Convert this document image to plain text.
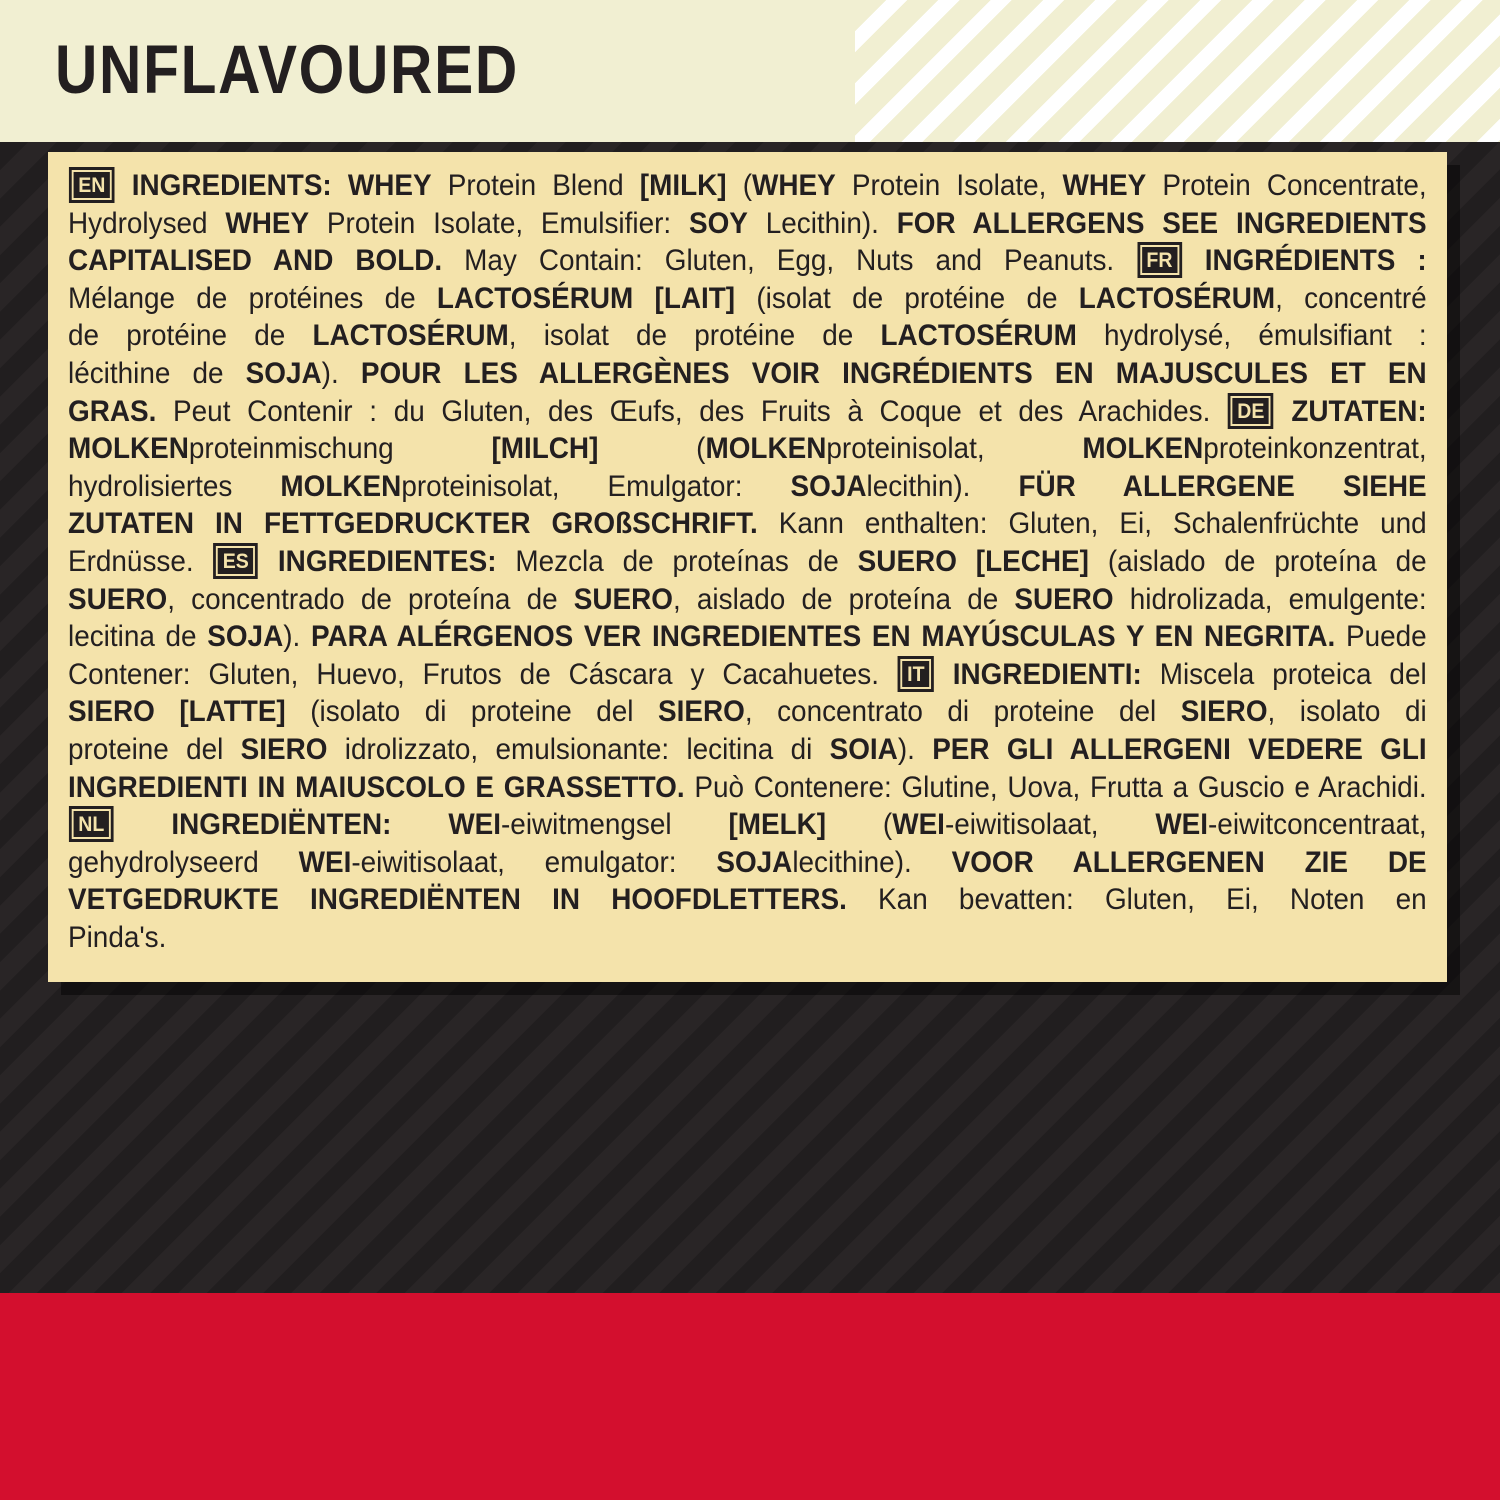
UNFLAVOURED
EN INGREDIENTS: WHEY Protein Blend [MILK] (WHEY Protein Isolate, WHEY Protein Concentrate,
Hydrolysed WHEY Protein Isolate, Emulsifier: SOY Lecithin). FOR ALLERGENS SEE INGREDIENTS
CAPITALISED AND BOLD. May Contain: Gluten, Egg, Nuts and Peanuts. FR INGRÉDIENTS :
Mélange de protéines de LACTOSÉRUM [LAIT] (isolat de protéine de LACTOSÉRUM, concentré
de protéine de LACTOSÉRUM, isolat de protéine de LACTOSÉRUM hydrolysé, émulsifiant :
lécithine de SOJA). POUR LES ALLERGÈNES VOIR INGRÉDIENTS EN MAJUSCULES ET EN
GRAS. Peut Contenir : du Gluten, des Œufs, des Fruits à Coque et des Arachides. DE ZUTATEN:
MOLKENproteinmischung [MILCH] (MOLKENproteinisolat, MOLKENproteinkonzentrat,
hydrolisiertes MOLKENproteinisolat, Emulgator: SOJAlecithin). FÜR ALLERGENE SIEHE
ZUTATEN IN FETTGEDRUCKTER GROßSCHRIFT. Kann enthalten: Gluten, Ei, Schalenfrüchte und
Erdnüsse. ES INGREDIENTES: Mezcla de proteínas de SUERO [LECHE] (aislado de proteína de
SUERO, concentrado de proteína de SUERO, aislado de proteína de SUERO hidrolizada, emulgente:
lecitina de SOJA). PARA ALÉRGENOS VER INGREDIENTES EN MAYÚSCULAS Y EN NEGRITA. Puede
Contener: Gluten, Huevo, Frutos de Cáscara y Cacahuetes. IT INGREDIENTI: Miscela proteica del
SIERO [LATTE] (isolato di proteine del SIERO, concentrato di proteine del SIERO, isolato di
proteine del SIERO idrolizzato, emulsionante: lecitina di SOIA). PER GLI ALLERGENI VEDERE GLI
INGREDIENTI IN MAIUSCOLO E GRASSETTO. Può Contenere: Glutine, Uova, Frutta a Guscio e Arachidi.
NL INGREDIËNTEN: WEI-eiwitmengsel [MELK] (WEI-eiwitisolaat, WEI-eiwitconcentraat,
gehydrolyseerd WEI-eiwitisolaat, emulgator: SOJAlecithine). VOOR ALLERGENEN ZIE DE
VETGEDRUKTE INGREDIËNTEN IN HOOFDLETTERS. Kan bevatten: Gluten, Ei, Noten en
Pinda's.
